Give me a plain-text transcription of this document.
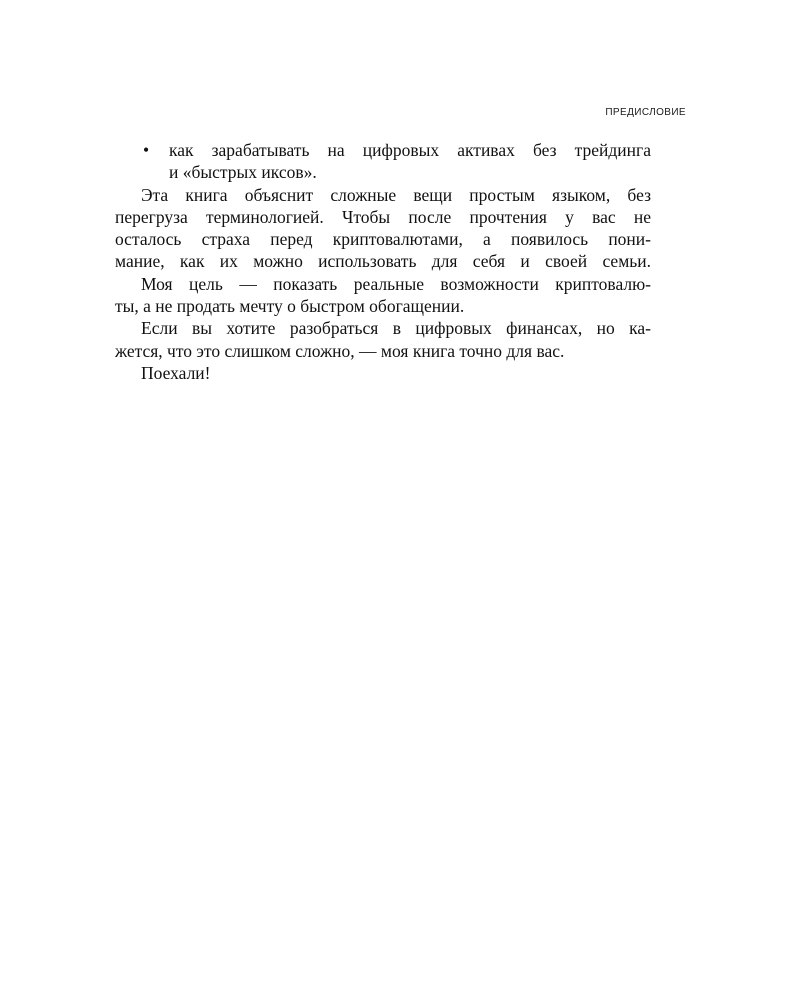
ПРЕДИСЛОВИЕ
• как зарабатывать на цифровых активах без трейдинга
и «быстрых иксов».
Эта книга объяснит сложные вещи простым языком, без
перегруза терминологией. Чтобы после прочтения у вас не
осталось страха перед криптовалютами, а появилось пони-
мание, как их можно использовать для себя и своей семьи.
Моя цель — показать реальные возможности криптовалю-
ты, а не продать мечту о быстром обогащении.
Если вы хотите разобраться в цифровых финансах, но ка-
жется, что это слишком сложно, — моя книга точно для вас.
Поехали!
